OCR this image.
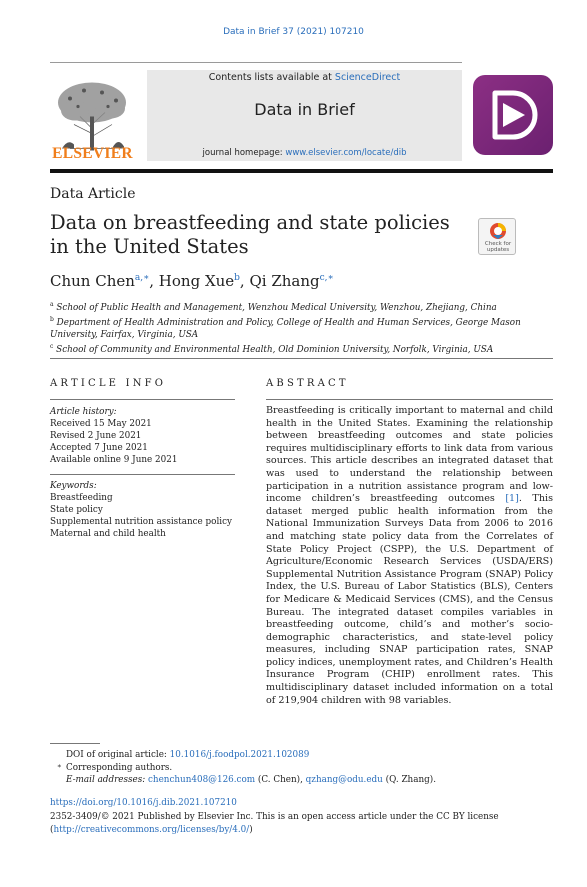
Data in Brief 37 (2021) 107210
ELSEVIER
Contents lists available at ScienceDirect
Data in Brief
journal homepage: www.elsevier.com/locate/dib
Data Article
Data on breastfeeding and state policies
in the United States	Check for
updates
Chun Chen$^{a,∗}$, Hong Xue$^b$, Qi Zhang$^{c,∗}$
$^a$ School of Public Health and Management, Wenzhou Medical University, Wenzhou, Zhejiang, China
$^b$ Department of Health Administration and Policy, College of Health and Human Services, George Mason University, Fairfax, Virginia, USA
$^c$ School of Community and Environmental Health, Old Dominion University, Norfolk, Virginia, USA
ARTICLE INFO	ABSTRACT
Article history:
Received 15 May 2021
Revised 2 June 2021
Accepted 7 June 2021
Available online 9 June 2021
Keywords:
Breastfeeding
State policy
Supplemental nutrition assistance policy
Maternal and child health
Breastfeeding is critically important to maternal and child health in the United States. Examining the relationship between breastfeeding outcomes and state policies requires multidisciplinary efforts to link data from various sources. This article describes an integrated dataset that was used to understand the relationship between participation in a nutrition assistance program and low-income children’s breastfeeding outcomes [1]. This dataset merged public health information from the National Immunization Surveys Data from 2006 to 2016 and matching state policy data from the Correlates of State Policy Project (CSPP), the U.S. Department of Agriculture/Economic Research Services (USDA/ERS) Supplemental Nutrition Assistance Program (SNAP) Policy Index, the U.S. Bureau of Labor Statistics (BLS), Centers for Medicare & Medicaid Services (CMS), and the Census Bureau. The integrated dataset compiles variables in breastfeeding outcome, child’s and mother’s socio-demographic characteristics, and state-level policy measures, including SNAP participation rates, SNAP policy indices, unemployment rates, and Children’s Health Insurance Program (CHIP) enrollment rates. This multidisciplinary dataset included information on a total of 219,904 children with 98 variables.
∗
DOI of original article: 10.1016/j.foodpol.2021.102089
Corresponding authors.
E-mail addresses: chenchun408@126.com (C. Chen), qzhang@odu.edu (Q. Zhang).
https://doi.org/10.1016/j.dib.2021.107210
2352-3409/© 2021 Published by Elsevier Inc. This is an open access article under the CC BY license
(http://creativecommons.org/licenses/by/4.0/)
